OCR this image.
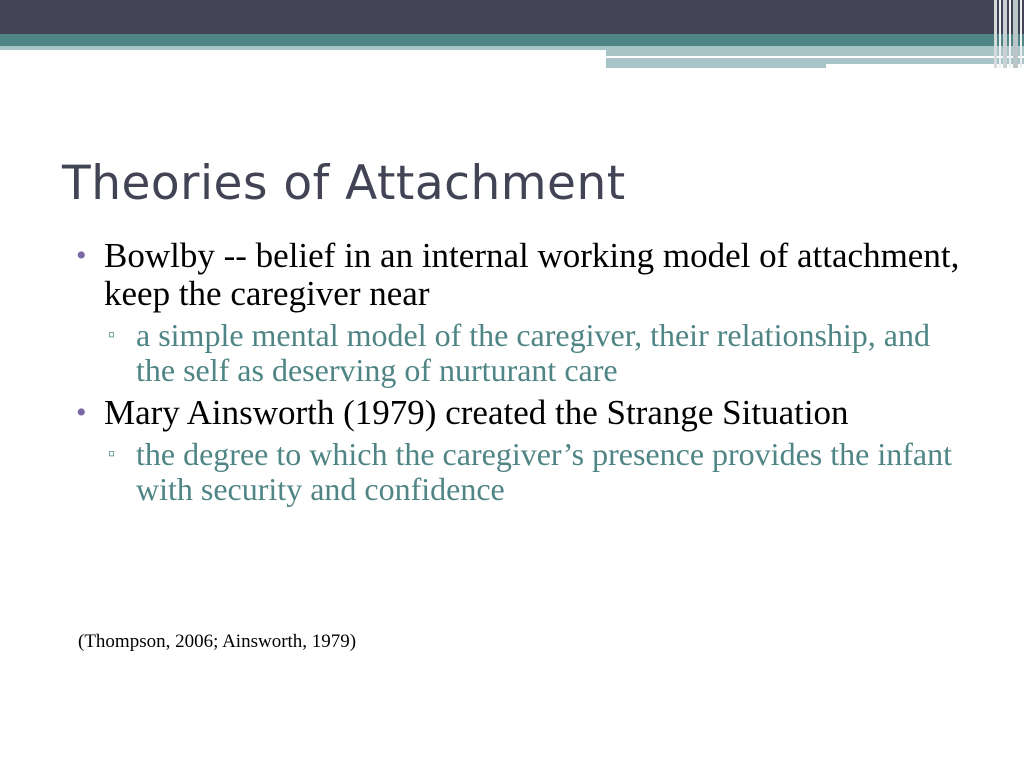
Theories of Attachment
• Bowlby -- belief in an internal working model of attachment, keep the caregiver near
▫ a simple mental model of the caregiver, their relationship, and the self as deserving of nurturant care
• Mary Ainsworth (1979) created the Strange Situation
▫ the degree to which the caregiver’s presence provides the infant with security and confidence
(Thompson, 2006; Ainsworth, 1979)
